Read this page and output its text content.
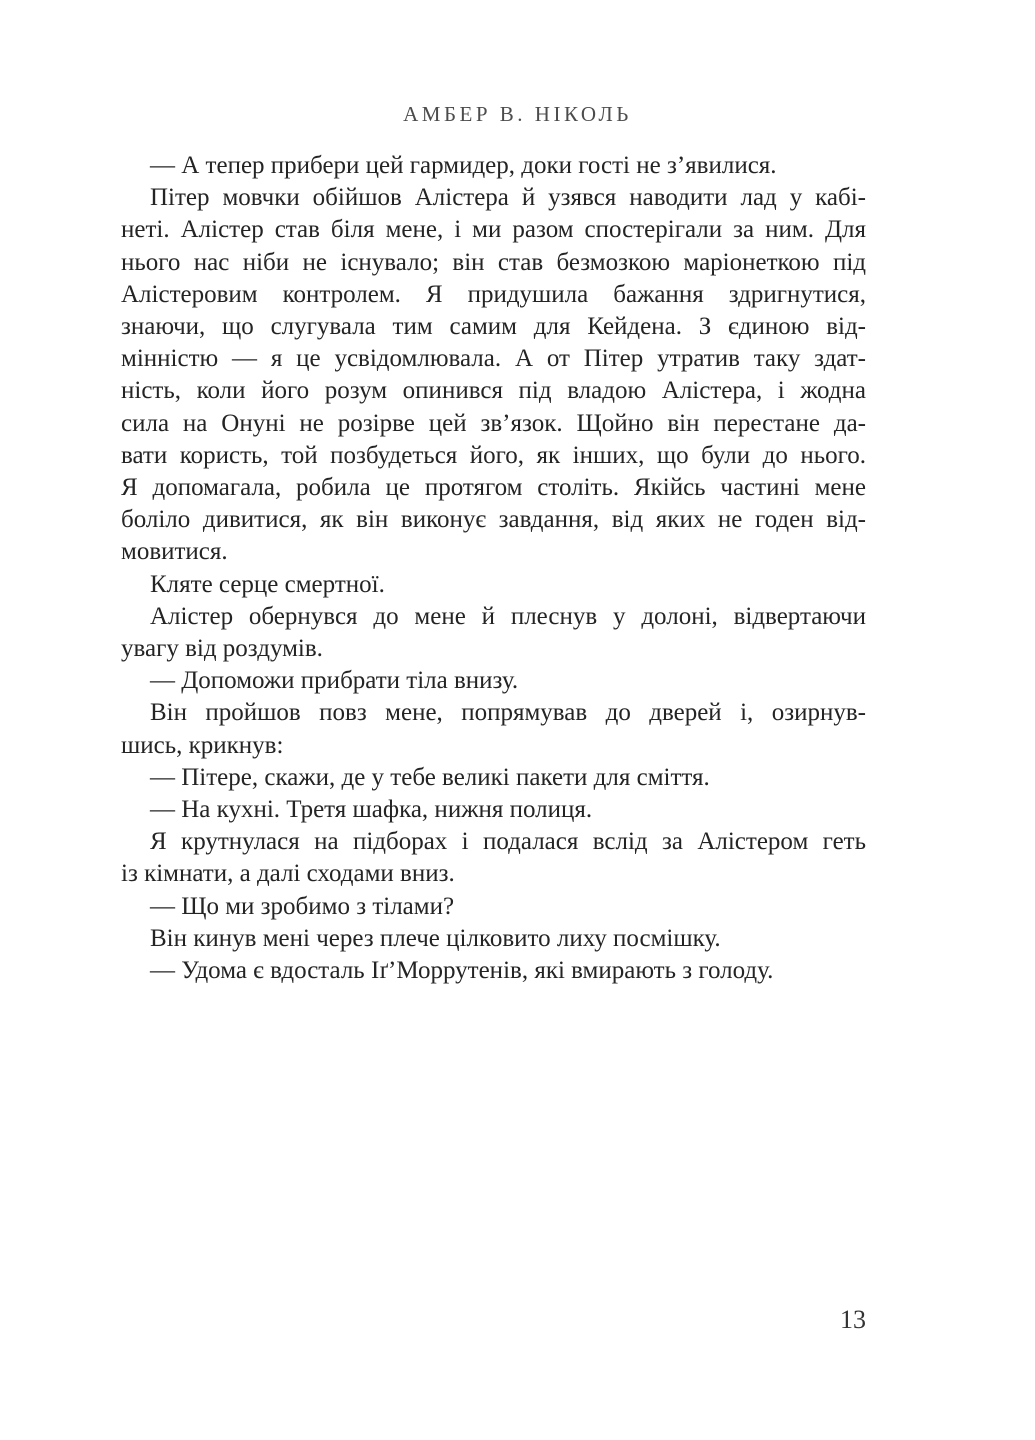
АМБЕР В. НІКОЛЬ
— А тепер прибери цей гармидер, доки гості не з’явилися.
Пітер мовчки обійшов Алістера й узявся наводити лад у кабі-
неті. Алістер став біля мене, і ми разом спостерігали за ним. Для
нього нас ніби не існувало; він став безмозкою маріонеткою під
Алістеровим контролем. Я придушила бажання здригнутися,
знаючи, що слугувала тим самим для Кейдена. З єдиною від-
мінністю — я це усвідомлювала. А от Пітер утратив таку здат-
ність, коли його розум опинився під владою Алістера, і жодна
сила на Онуні не розірве цей зв’язок. Щойно він перестане да-
вати користь, той позбудеться його, як інших, що були до нього.
Я допомагала, робила це протягом століть. Якійсь частині мене
боліло дивитися, як він виконує завдання, від яких не годен від-
мовитися.
Кляте серце смертної.
Алістер обернувся до мене й плеснув у долоні, відвертаючи
увагу від роздумів.
— Допоможи прибрати тіла внизу.
Він пройшов повз мене, попрямував до дверей і, озирнув-
шись, крикнув:
— Пітере, скажи, де у тебе великі пакети для сміття.
— На кухні. Третя шафка, нижня полиця.
Я крутнулася на підборах і подалася вслід за Алістером геть
із кімнати, а далі сходами вниз.
— Що ми зробимо з тілами?
Він кинув мені через плече цілковито лиху посмішку.
— Удома є вдосталь Іґ’Моррутенів, які вмирають з голоду.
13
